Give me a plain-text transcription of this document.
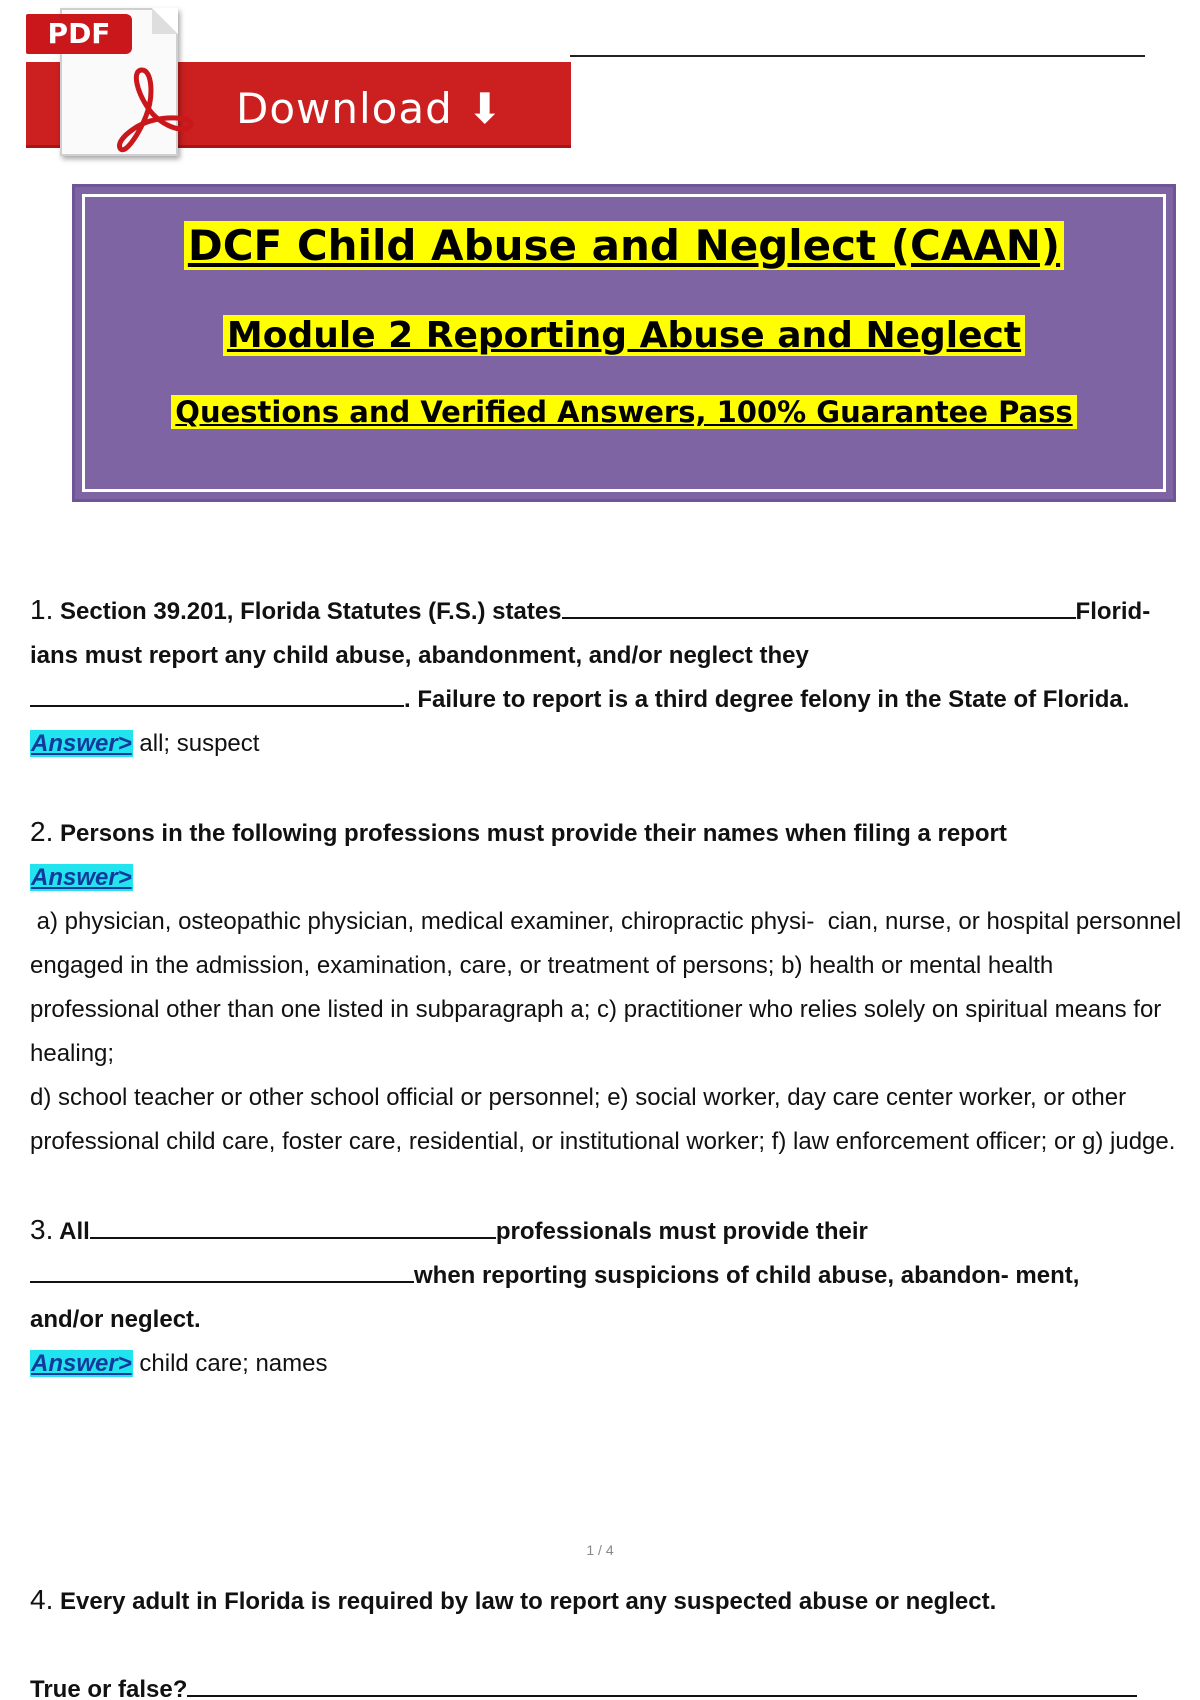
Download ⬇
PDF
DCF Child Abuse and Neglect (CAAN)
Module 2 Reporting Abuse and Neglect
Questions and Verified Answers, 100% Guarantee Pass
1. Section 39.201, Florida Statutes (F.S.) states	Florid-
ians must report any child abuse, abandonment, and/or neglect they
. Failure to report is a third degree felony in the State of Florida.
Answer> all; suspect
2. Persons in the following professions must provide their names when filing a report
Answer>
a) physician, osteopathic physician, medical examiner, chiropractic physi-  cian, nurse, or hospital personnel
engaged in the admission, examination, care, or treatment of persons; b) health or mental health
professional other than one listed in subparagraph a; c) practitioner who relies solely on spiritual means for
healing;
d) school teacher or other school official or personnel; e) social worker, day care center worker, or other
professional child care, foster care, residential, or institutional worker; f) law enforcement officer; or g) judge.
3. All	professionals must provide their
when reporting suspicions of child abuse, abandon- ment,
and/or neglect.
Answer> child care; names
1 / 4
4. Every adult in Florida is required by law to report any suspected abuse or neglect.
True or false?
